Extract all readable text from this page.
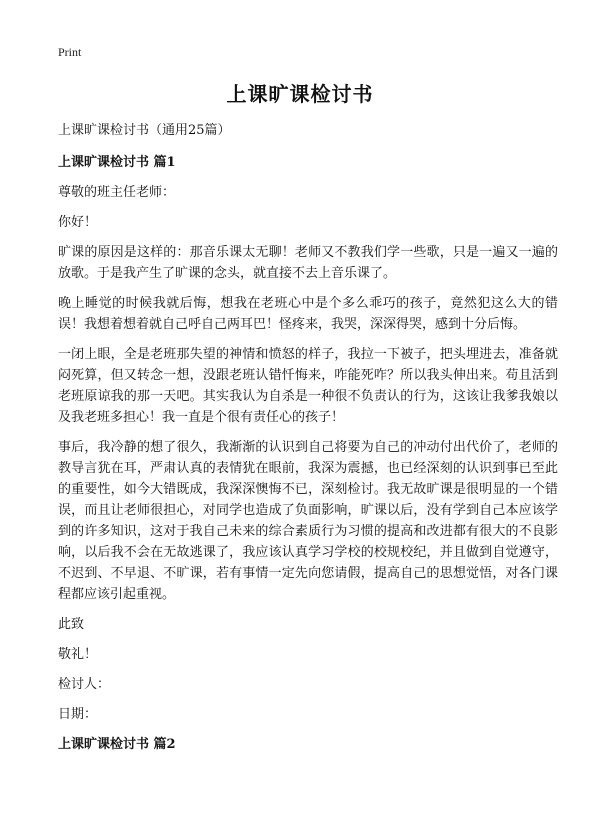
Print
上课旷课检讨书

上课旷课检讨书（通用25篇）

上课旷课检讨书 篇1

尊敬的班主任老师：

你好！

旷课的原因是这样的：那音乐课太无聊！老师又不教我们学一些歌，只是一遍又一遍的放歌。于是我产生了旷课的念头，就直接不去上音乐课了。

晚上睡觉的时候我就后悔，想我在老班心中是个多么乖巧的孩子，竟然犯这么大的错误！我想着想着就自己呼自己两耳巴！怪疼来，我哭，深深得哭，感到十分后悔。

一闭上眼，全是老班那失望的神情和愤怒的样子，我拉一下被子，把头埋进去，准备就闷死算，但又转念一想，没跟老班认错忏悔来，咋能死咋？所以我头伸出来。苟且活到老班原谅我的那一天吧。其实我认为自杀是一种很不负责认的行为，这该让我爹我娘以及我老班多担心！我一直是个很有责任心的孩子！

事后，我冷静的想了很久，我渐渐的认识到自己将要为自己的冲动付出代价了，老师的教导言犹在耳，严肃认真的表情犹在眼前，我深为震撼，也已经深刻的认识到事已至此的重要性，如今大错既成，我深深懊悔不已，深刻检讨。我无故旷课是很明显的一个错误，而且让老师很担心，对同学也造成了负面影响，旷课以后，没有学到自己本应该学到的许多知识，这对于我自己未来的综合素质行为习惯的提高和改进都有很大的不良影响，以后我不会在无故逃课了，我应该认真学习学校的校规校纪，并且做到自觉遵守，不迟到、不早退、不旷课，若有事情一定先向您请假，提高自己的思想觉悟，对各门课程都应该引起重视。

此致

敬礼！

检讨人：

日期：

上课旷课检讨书 篇2
